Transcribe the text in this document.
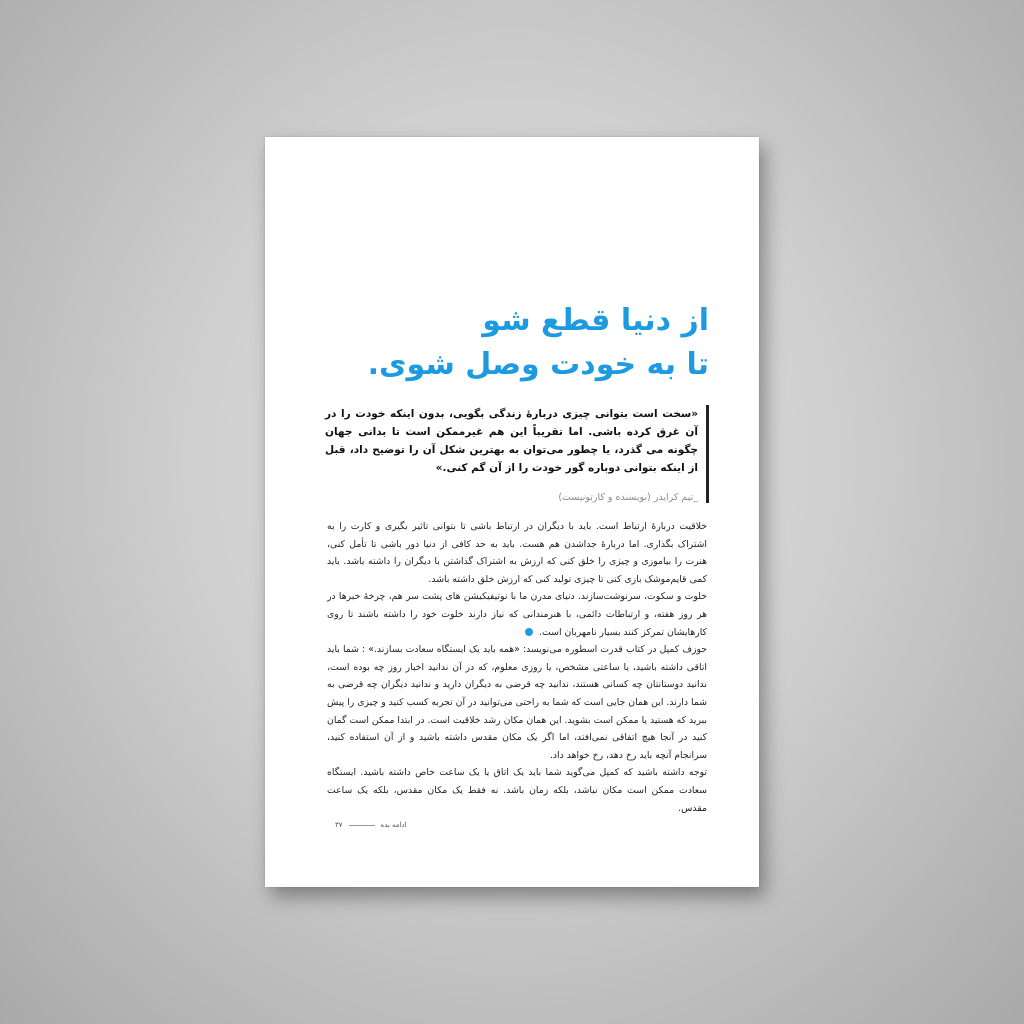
از دنیا قطع شو
تا به خودت وصل شوی.

«سخت است بتوانی چیزی دربارهٔ زندگی بگویی، بدون اینکه خودت را در آن غرق کرده باشی. اما تقریباً این هم غیرممکن است تا بدانی جهان چگونه می گذرد، یا چطور می‌توان به بهترین شکل آن را توضیح داد، قبل از اینکه بتوانی دوباره گور خودت را از آن گم کنی.»

_تیم کرایدر (نویسنده و کارتونیست)

خلاقیت دربارهٔ ارتباط است. باید با دیگران در ارتباط باشی تا بتوانی تاثیر بگیری و کارت را به اشتراک بگذاری. اما دربارهٔ جداشدن هم هست. باید به حد کافی از دنیا دور باشی تا تأمل کنی، هنرت را بیاموزی و چیزی را خلق کنی که ارزش به اشتراک گذاشتن با دیگران را داشته باشد. باید کمی قایم‌موشک بازی کنی تا چیزی تولید کنی که ارزش خلق داشته باشد.

خلوت و سکوت، سرنوشت‌سازند. دنیای مدرن ما با نوتیفیکیشن های پشت سر هم، چرخهٔ خبرها در هر روز هفته، و ارتباطات دائمی، با هنرمندانی که نیاز دارند خلوت خود را داشته باشند تا روی کارهایشان تمرکز کنند بسیار نامهربان است.

جوزف کمپل در کتاب قدرت اسطوره می‌نویسد: «همه باید یک ایستگاه سعادت بسازند.» : شما باید اتاقی داشته باشید، یا ساعتی مشخص، یا روزی معلوم، که در آن ندانید اخبار روز چه بوده است، ندانید دوستانتان چه کسانی هستند، ندانید چه قرضی به دیگران دارید و ندانید دیگران چه قرضی به شما دارند. این همان جایی است که شما به راحتی می‌توانید در آن تجربه کسب کنید و چیزی را پیش ببرید که هستید یا ممکن است بشوید. این همان مکان رشد خلاقیت است. در ابتدا ممکن است گمان کنید در آنجا هیچ اتفاقی نمی‌افتد، اما اگر یک مکان مقدس داشته باشید و از آن استفاده کنید، سرانجام آنچه باید رخ دهد، رخ خواهد داد.

توجه داشته باشید که کمپل می‌گوید شما باید یک اتاق یا یک ساعت خاص داشته باشید. ایستگاه سعادت ممکن است مکان نباشد، بلکه زمان باشد. نه فقط یک مکان مقدس، بلکه یک ساعت مقدس.

۳۷	ادامه بده
